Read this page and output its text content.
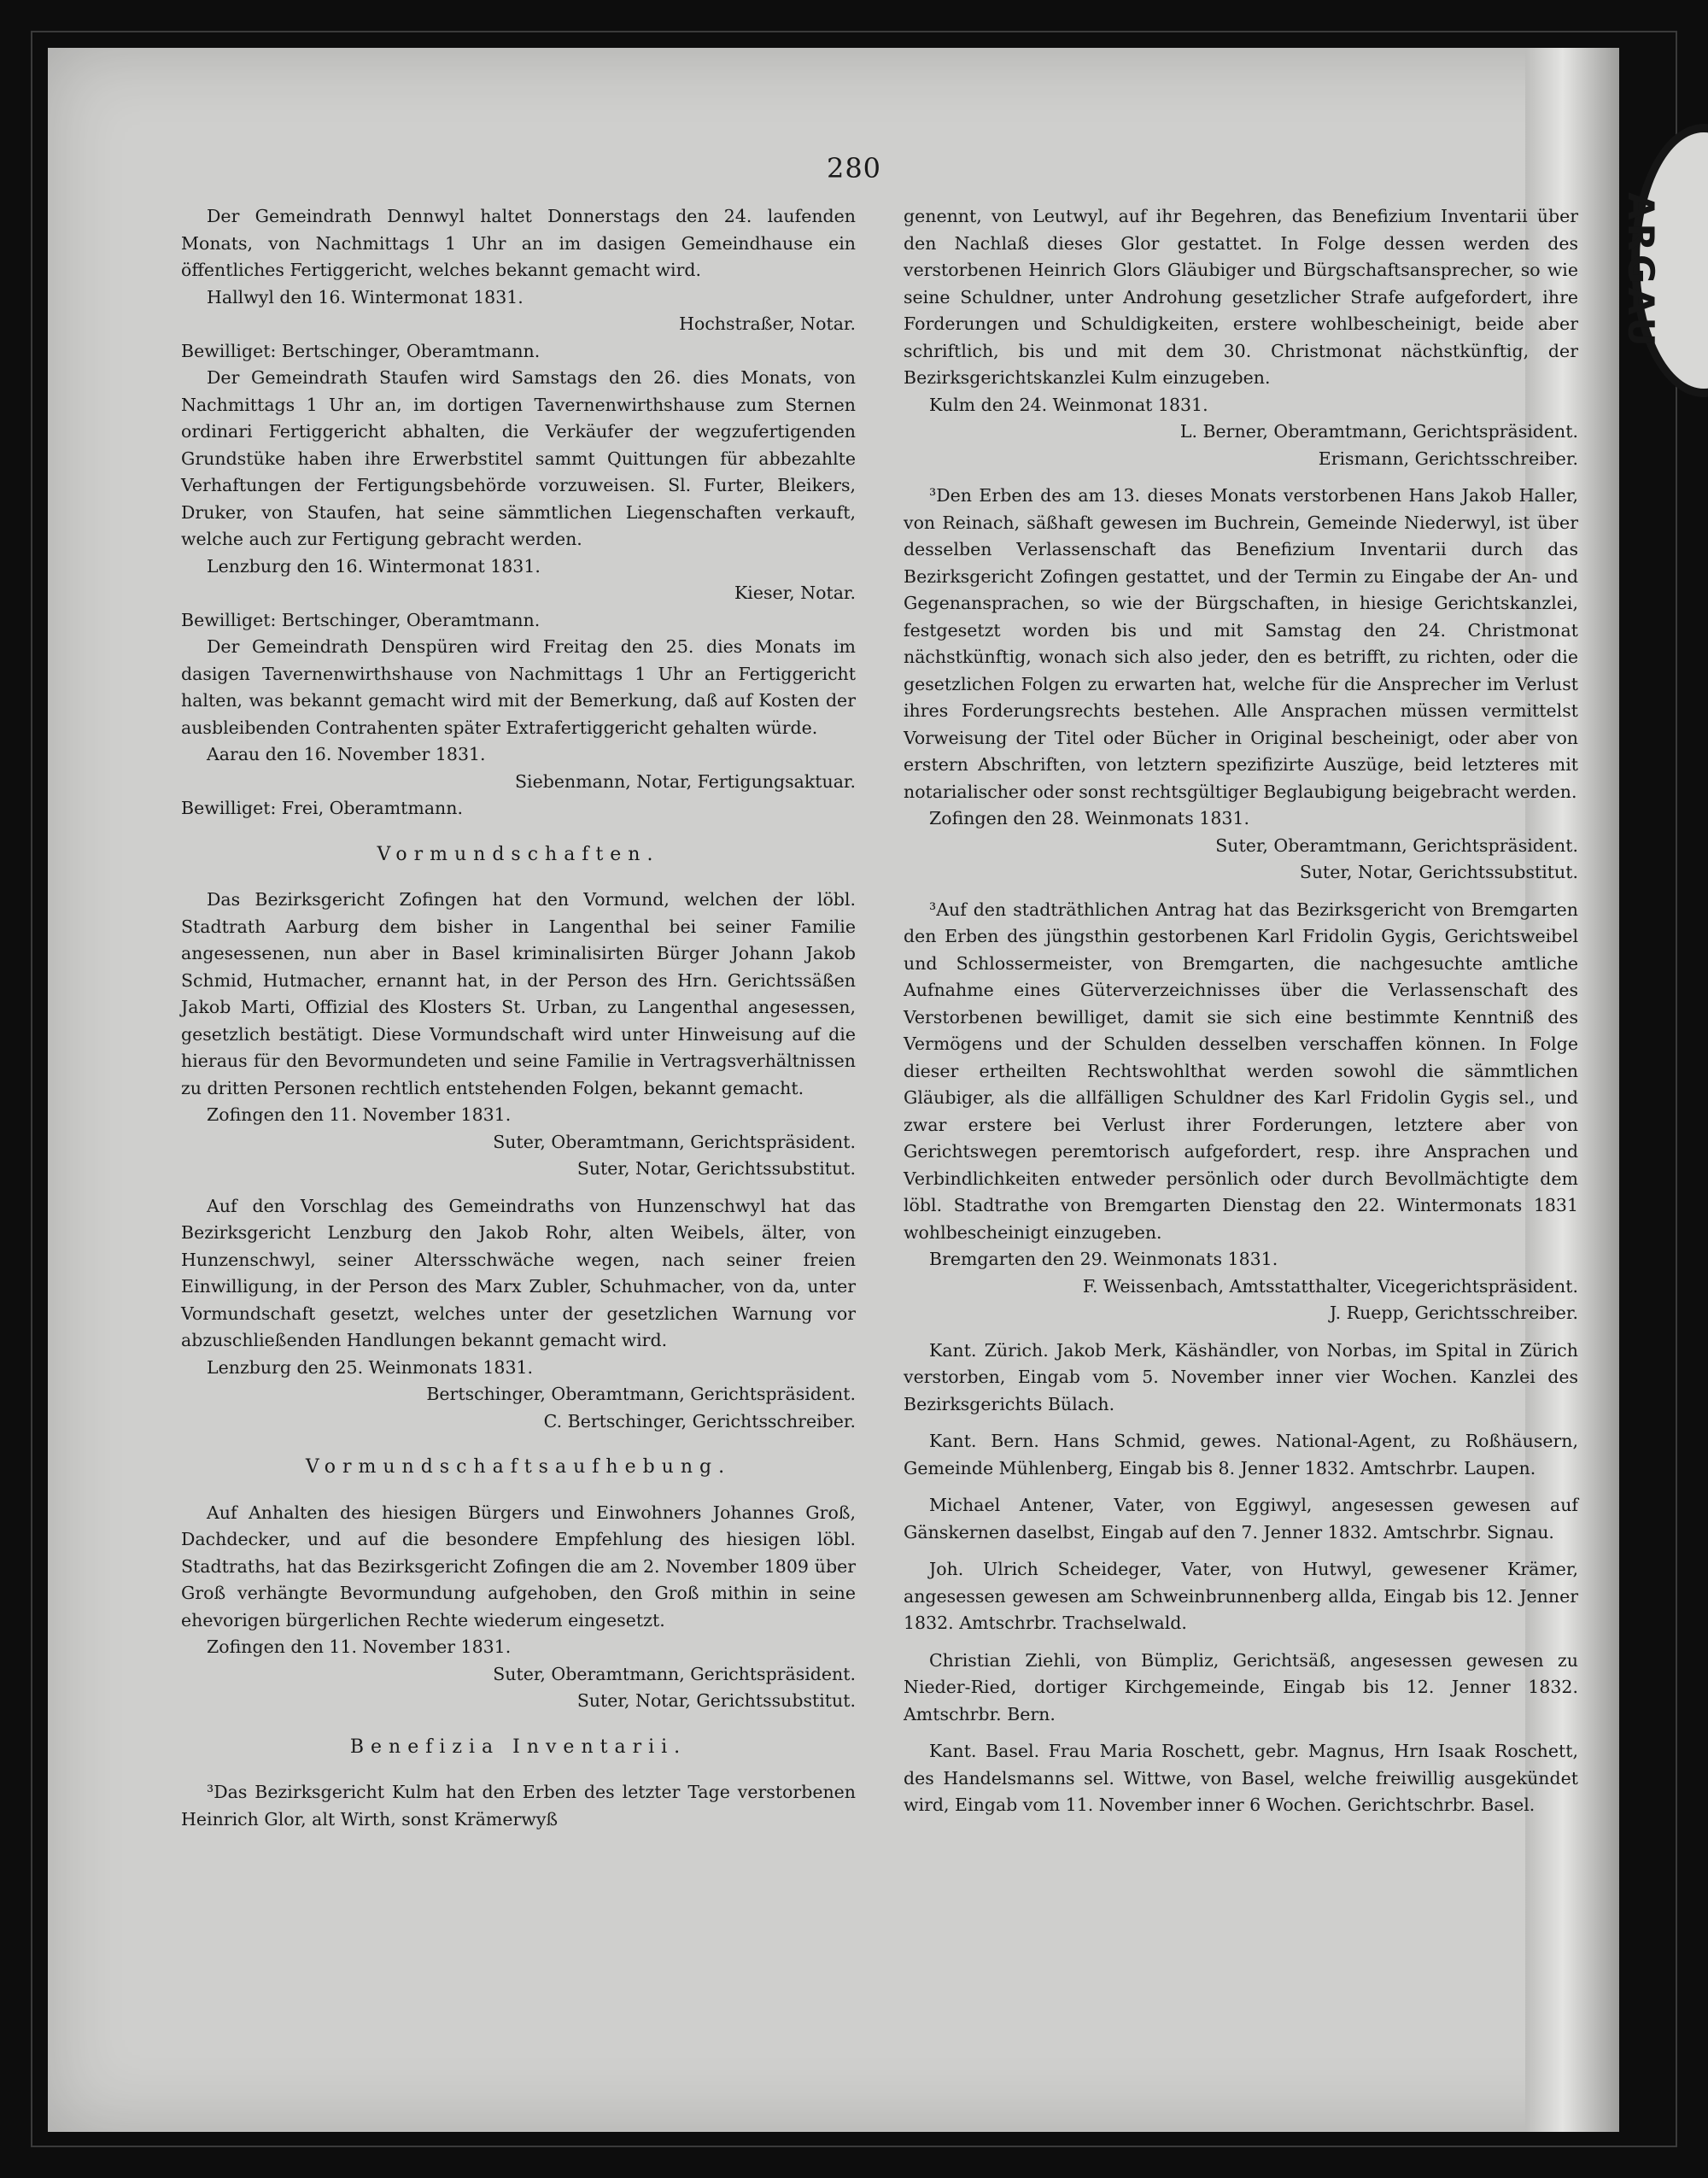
ARGAU
280

Der Gemeindrath Dennwyl haltet Donnerstags den 24. laufenden Monats, von Nachmittags 1 Uhr an im dasigen Gemeindhause ein öffentliches Fertiggericht, welches bekannt gemacht wird.

Hallwyl den 16. Wintermonat 1831.

Hochstraßer, Notar.

Bewilliget: Bertschinger, Oberamtmann.

Der Gemeindrath Staufen wird Samstags den 26. dies Monats, von Nachmittags 1 Uhr an, im dortigen Tavernenwirthshause zum Sternen ordinari Fertiggericht abhalten, die Verkäufer der wegzufertigenden Grundstüke haben ihre Erwerbstitel sammt Quittungen für abbezahlte Verhaftungen der Fertigungsbehörde vorzuweisen. Sl. Furter, Bleikers, Druker, von Staufen, hat seine sämmtlichen Liegenschaften verkauft, welche auch zur Fertigung gebracht werden.

Lenzburg den 16. Wintermonat 1831.

Kieser, Notar.

Bewilliget: Bertschinger, Oberamtmann.

Der Gemeindrath Denspüren wird Freitag den 25. dies Monats im dasigen Tavernenwirthshause von Nachmittags 1 Uhr an Fertiggericht halten, was bekannt gemacht wird mit der Bemerkung, daß auf Kosten der ausbleibenden Contrahenten später Extrafertiggericht gehalten würde.

Aarau den 16. November 1831.

Siebenmann, Notar, Fertigungsaktuar.

Bewilliget: Frei, Oberamtmann.

Vormundschaften.

Das Bezirksgericht Zofingen hat den Vormund, welchen der löbl. Stadtrath Aarburg dem bisher in Langenthal bei seiner Familie angesessenen, nun aber in Basel kriminalisirten Bürger Johann Jakob Schmid, Hutmacher, ernannt hat, in der Person des Hrn. Gerichtssäßen Jakob Marti, Offizial des Klosters St. Urban, zu Langenthal angesessen, gesetzlich bestätigt. Diese Vormundschaft wird unter Hinweisung auf die hieraus für den Bevormundeten und seine Familie in Vertragsverhältnissen zu dritten Personen rechtlich entstehenden Folgen, bekannt gemacht.

Zofingen den 11. November 1831.

Suter, Oberamtmann, Gerichtspräsident.

Suter, Notar, Gerichtssubstitut.

Auf den Vorschlag des Gemeindraths von Hunzenschwyl hat das Bezirksgericht Lenzburg den Jakob Rohr, alten Weibels, älter, von Hunzenschwyl, seiner Altersschwäche wegen, nach seiner freien Einwilligung, in der Person des Marx Zubler, Schuhmacher, von da, unter Vormundschaft gesetzt, welches unter der gesetzlichen Warnung vor abzuschließenden Handlungen bekannt gemacht wird.

Lenzburg den 25. Weinmonats 1831.

Bertschinger, Oberamtmann, Gerichtspräsident.

C. Bertschinger, Gerichtsschreiber.

Vormundschaftsaufhebung.

Auf Anhalten des hiesigen Bürgers und Einwohners Johannes Groß, Dachdecker, und auf die besondere Empfehlung des hiesigen löbl. Stadtraths, hat das Bezirksgericht Zofingen die am 2. November 1809 über Groß verhängte Bevormundung aufgehoben, den Groß mithin in seine ehevorigen bürgerlichen Rechte wiederum eingesetzt.

Zofingen den 11. November 1831.

Suter, Oberamtmann, Gerichtspräsident.

Suter, Notar, Gerichtssubstitut.

Benefizia Inventarii.

³Das Bezirksgericht Kulm hat den Erben des letzter Tage verstorbenen Heinrich Glor, alt Wirth, sonst Krämerwyß

genennt, von Leutwyl, auf ihr Begehren, das Benefizium Inventarii über den Nachlaß dieses Glor gestattet. In Folge dessen werden des verstorbenen Heinrich Glors Gläubiger und Bürgschaftsansprecher, so wie seine Schuldner, unter Androhung gesetzlicher Strafe aufgefordert, ihre Forderungen und Schuldigkeiten, erstere wohlbescheinigt, beide aber schriftlich, bis und mit dem 30. Christmonat nächstkünftig, der Bezirksgerichtskanzlei Kulm einzugeben.

Kulm den 24. Weinmonat 1831.

L. Berner, Oberamtmann, Gerichtspräsident.

Erismann, Gerichtsschreiber.

³Den Erben des am 13. dieses Monats verstorbenen Hans Jakob Haller, von Reinach, säßhaft gewesen im Buchrein, Gemeinde Niederwyl, ist über desselben Verlassenschaft das Benefizium Inventarii durch das Bezirksgericht Zofingen gestattet, und der Termin zu Eingabe der An- und Gegenansprachen, so wie der Bürgschaften, in hiesige Gerichtskanzlei, festgesetzt worden bis und mit Samstag den 24. Christmonat nächstkünftig, wonach sich also jeder, den es betrifft, zu richten, oder die gesetzlichen Folgen zu erwarten hat, welche für die Ansprecher im Verlust ihres Forderungsrechts bestehen. Alle Ansprachen müssen vermittelst Vorweisung der Titel oder Bücher in Original bescheinigt, oder aber von erstern Abschriften, von letztern spezifizirte Auszüge, beid letzteres mit notarialischer oder sonst rechtsgültiger Beglaubigung beigebracht werden.

Zofingen den 28. Weinmonats 1831.

Suter, Oberamtmann, Gerichtspräsident.

Suter, Notar, Gerichtssubstitut.

³Auf den stadträthlichen Antrag hat das Bezirksgericht von Bremgarten den Erben des jüngsthin gestorbenen Karl Fridolin Gygis, Gerichtsweibel und Schlossermeister, von Bremgarten, die nachgesuchte amtliche Aufnahme eines Güterverzeichnisses über die Verlassenschaft des Verstorbenen bewilliget, damit sie sich eine bestimmte Kenntniß des Vermögens und der Schulden desselben verschaffen können. In Folge dieser ertheilten Rechtswohlthat werden sowohl die sämmtlichen Gläubiger, als die allfälligen Schuldner des Karl Fridolin Gygis sel., und zwar erstere bei Verlust ihrer Forderungen, letztere aber von Gerichtswegen peremtorisch aufgefordert, resp. ihre Ansprachen und Verbindlichkeiten entweder persönlich oder durch Bevollmächtigte dem löbl. Stadtrathe von Bremgarten Dienstag den 22. Wintermonats 1831 wohlbescheinigt einzugeben.

Bremgarten den 29. Weinmonats 1831.

F. Weissenbach, Amtsstatthalter, Vicegerichtspräsident.

J. Ruepp, Gerichtsschreiber.

Kant. Zürich. Jakob Merk, Käshändler, von Norbas, im Spital in Zürich verstorben, Eingab vom 5. November inner vier Wochen. Kanzlei des Bezirksgerichts Bülach.

Kant. Bern. Hans Schmid, gewes. National-Agent, zu Roßhäusern, Gemeinde Mühlenberg, Eingab bis 8. Jenner 1832. Amtschrbr. Laupen.

Michael Antener, Vater, von Eggiwyl, angesessen gewesen auf Gänskernen daselbst, Eingab auf den 7. Jenner 1832. Amtschrbr. Signau.

Joh. Ulrich Scheideger, Vater, von Hutwyl, gewesener Krämer, angesessen gewesen am Schweinbrunnenberg allda, Eingab bis 12. Jenner 1832. Amtschrbr. Trachselwald.

Christian Ziehli, von Bümpliz, Gerichtsäß, angesessen gewesen zu Nieder-Ried, dortiger Kirchgemeinde, Eingab bis 12. Jenner 1832. Amtschrbr. Bern.

Kant. Basel. Frau Maria Roschett, gebr. Magnus, Hrn Isaak Roschett, des Handelsmanns sel. Wittwe, von Basel, welche freiwillig ausgekündet wird, Eingab vom 11. November inner 6 Wochen. Gerichtschrbr. Basel.
